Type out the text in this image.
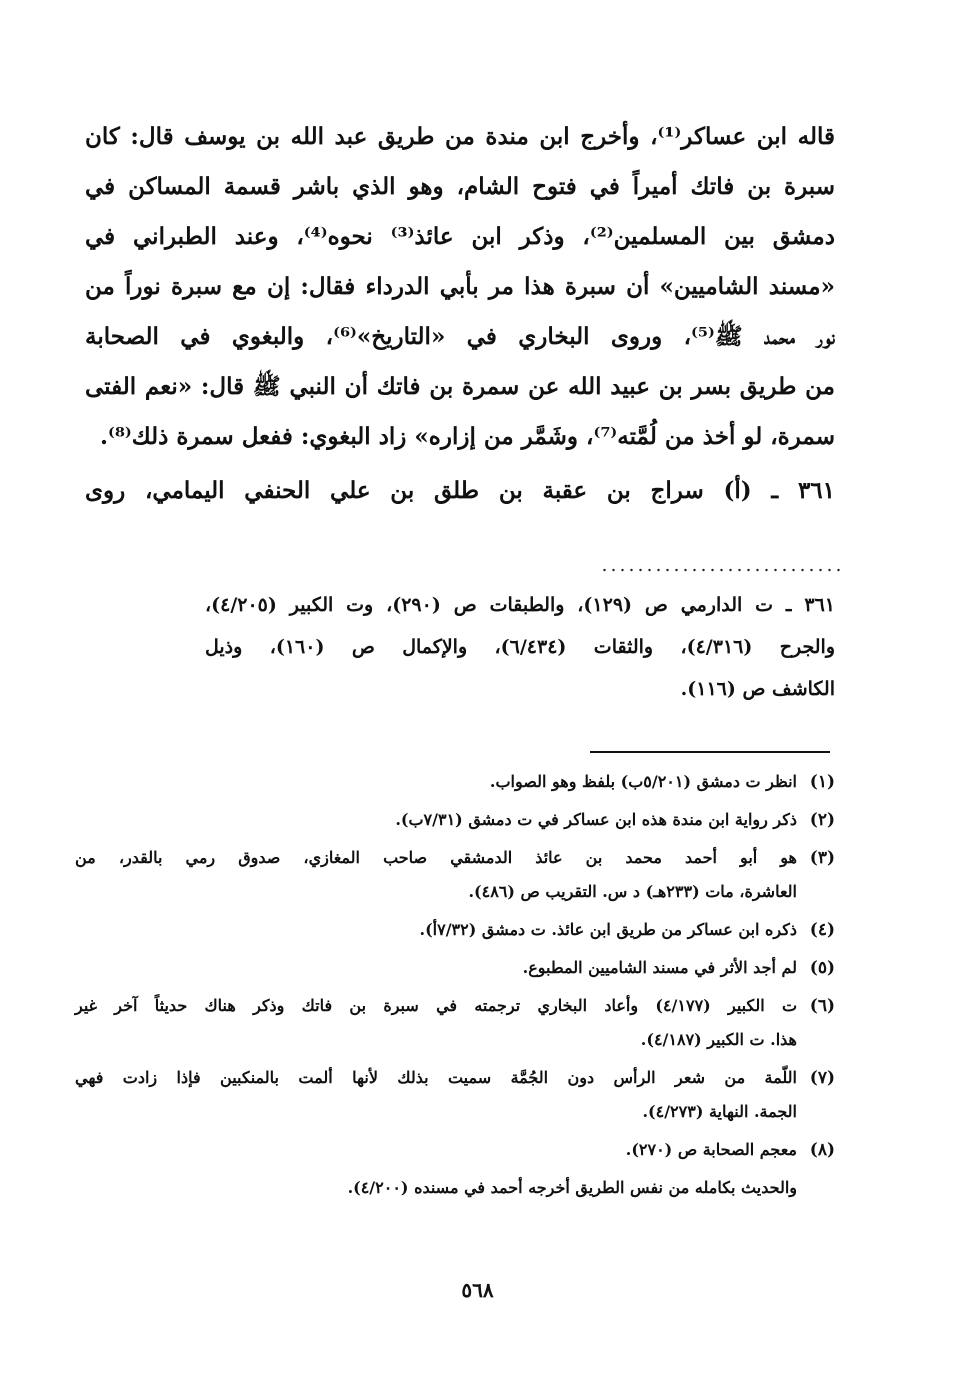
قاله ابن عساكر⁽¹⁾، وأخرج ابن مندة من طريق عبد الله بن يوسف قال: كان
سبرة بن فاتك أميراً في فتوح الشام، وهو الذي باشر قسمة المساكن في
دمشق بين المسلمين⁽²⁾، وذكر ابن عائذ⁽³⁾ نحوه⁽⁴⁾، وعند الطبراني في
«مسند الشاميين» أن سبرة هذا مر بأبي الدرداء فقال: إن مع سبرة نوراً من
نور محمد ﷺ⁽⁵⁾، وروى البخاري في «التاريخ»⁽⁶⁾، والبغوي في الصحابة
من طريق بسر بن عبيد الله عن سمرة بن فاتك أن النبي ﷺ قال: «نعم الفتى
سمرة، لو أخذ من لُمَّته⁽⁷⁾، وشَمَّر من إزاره» زاد البغوي: ففعل سمرة ذلك⁽⁸⁾.
٣٦١ ـ (أ) سراج بن عقبة بن طلق بن علي الحنفي اليمامي، روى
٣٦١ ـ ت الدارمي ص (١٢٩)، والطبقات ص (٢٩٠)، وت الكبير (٤/٢٠٥)،
والجرح (٤/٣١٦)، والثقات (٦/٤٣٤)، والإكمال ص (١٦٠)، وذيل
الكاشف ص (١١٦).
(١)
انظر ت دمشق (٥/٢٠١ب) بلفظ وهو الصواب.
(٢)
ذكر رواية ابن مندة هذه ابن عساكر في ت دمشق (٧/٣١ب).
(٣)
هو أبو أحمد محمد بن عائذ الدمشقي صاحب المغازي، صدوق رمي بالقدر، من
العاشرة، مات (٢٣٣هـ) د س. التقريب ص (٤٨٦).
(٤)
ذكره ابن عساكر من طريق ابن عائذ. ت دمشق (٧/٣٢أ).
(٥)
لم أجد الأثر في مسند الشاميين المطبوع.
(٦)
ت الكبير (٤/١٧٧) وأعاد البخاري ترجمته في سبرة بن فاتك وذكر هناك حديثاً آخر غير
هذا. ت الكبير (٤/١٨٧).
(٧)
اللّمة من شعر الرأس دون الجُمَّة سميت بذلك لأنها ألمت بالمنكبين فإذا زادت فهي
الجمة. النهاية (٤/٢٧٣).
(٨)
معجم الصحابة ص (٢٧٠).
والحديث بكامله من نفس الطريق أخرجه أحمد في مسنده (٤/٢٠٠).
٥٦٨
